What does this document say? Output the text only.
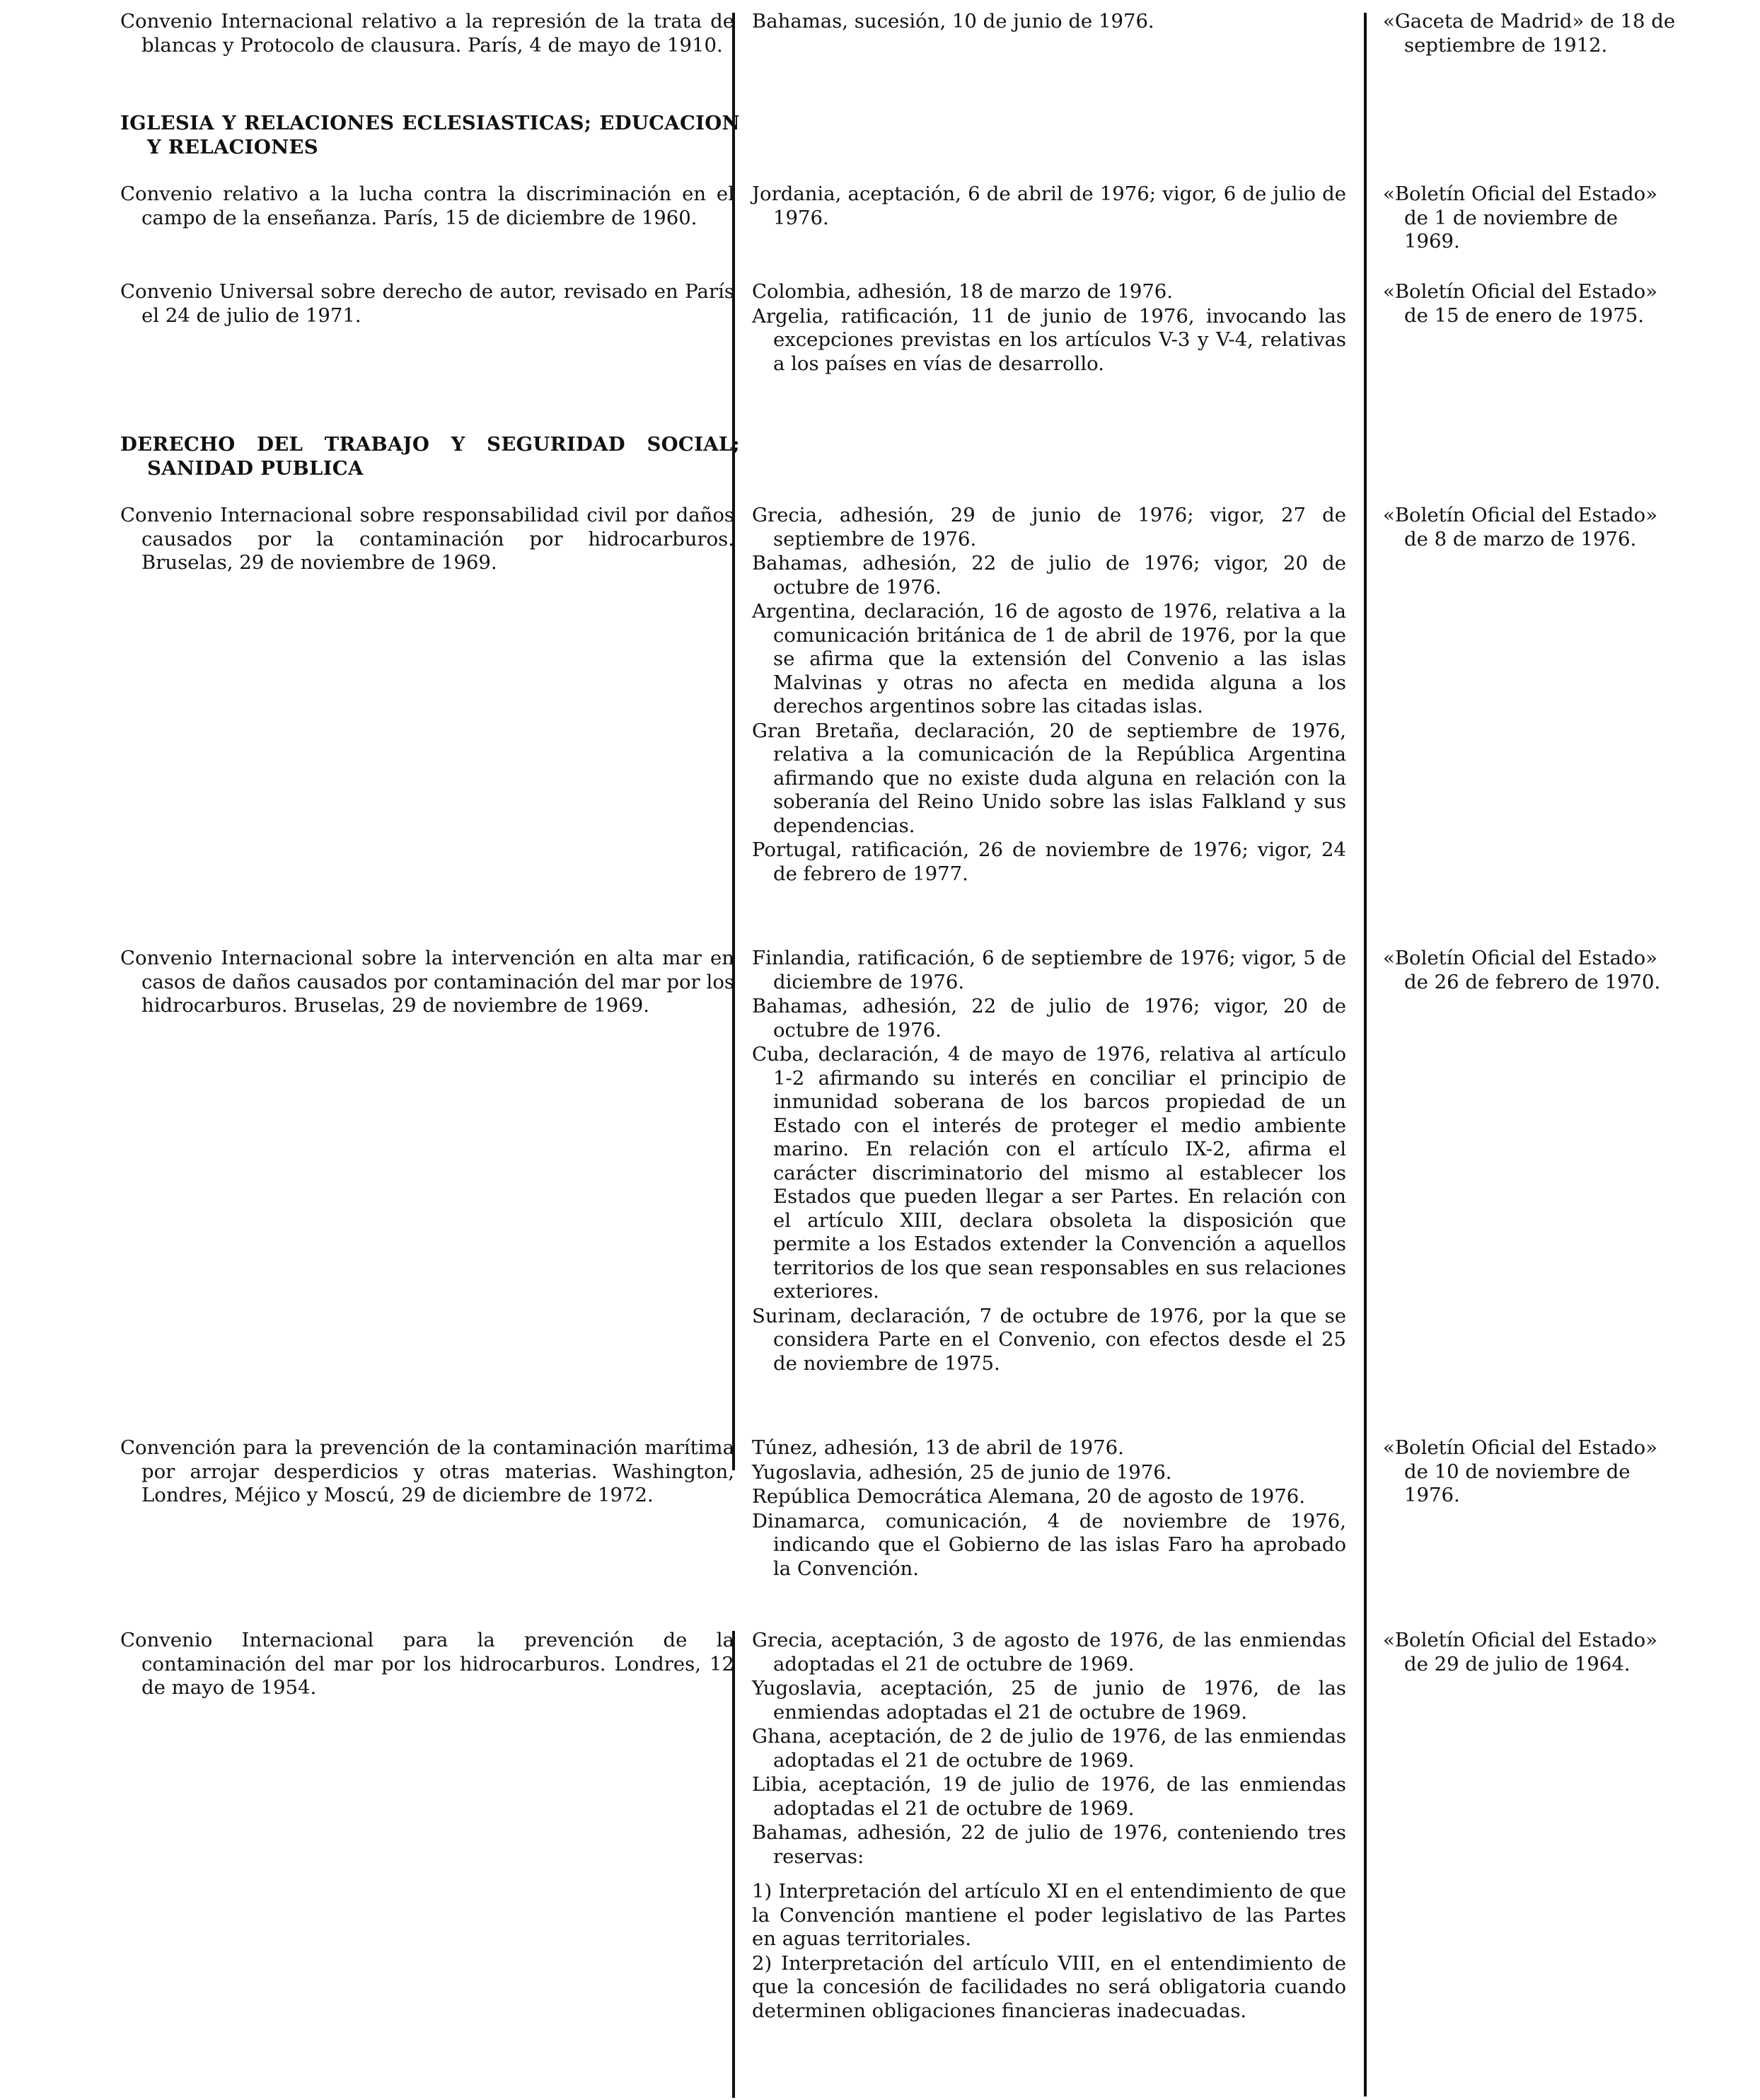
Convenio Internacional relativo a la represión de la trata de blancas y Protocolo de clausura. París, 4 de mayo de 1910.
Bahamas, sucesión, 10 de junio de 1976.	«Gaceta de Madrid» de 18 de septiembre de 1912.
IGLESIA Y RELACIONES ECLESIASTICAS; EDUCACION Y RELACIONES
Convenio relativo a la lucha contra la discriminación en el campo de la enseñanza. París, 15 de diciembre de 1960.
Jordania, aceptación, 6 de abril de 1976; vigor, 6 de julio de 1976.
«Boletín Oficial del Estado» de 1 de noviembre de 1969.
Convenio Universal sobre derecho de autor, revisado en París el 24 de julio de 1971.
Colombia, adhesión, 18 de marzo de 1976.
Argelia, ratificación, 11 de junio de 1976, invocando las excepciones previstas en los artículos V-3 y V-4, relativas a los países en vías de desarrollo.
«Boletín Oficial del Estado» de 15 de enero de 1975.
DERECHO DEL TRABAJO Y SEGURIDAD SOCIAL; SANIDAD PUBLICA
Convenio Internacional sobre responsabilidad civil por daños causados por la contaminación por hidrocarburos. Bruselas, 29 de noviembre de 1969.
Grecia, adhesión, 29 de junio de 1976; vigor, 27 de septiembre de 1976.
Bahamas, adhesión, 22 de julio de 1976; vigor, 20 de octubre de 1976.
Argentina, declaración, 16 de agosto de 1976, relativa a la comunicación británica de 1 de abril de 1976, por la que se afirma que la extensión del Convenio a las islas Malvinas y otras no afecta en medida alguna a los derechos argentinos sobre las citadas islas.
Gran Bretaña, declaración, 20 de septiembre de 1976, relativa a la comunicación de la República Argentina afirmando que no existe duda alguna en relación con la soberanía del Reino Unido sobre las islas Falkland y sus dependencias.
Portugal, ratificación, 26 de noviembre de 1976; vigor, 24 de febrero de 1977.
«Boletín Oficial del Estado» de 8 de marzo de 1976.
Convenio Internacional sobre la intervención en alta mar en casos de daños causados por contaminación del mar por los hidrocarburos. Bruselas, 29 de noviembre de 1969.
Finlandia, ratificación, 6 de septiembre de 1976; vigor, 5 de diciembre de 1976.
Bahamas, adhesión, 22 de julio de 1976; vigor, 20 de octubre de 1976.
Cuba, declaración, 4 de mayo de 1976, relativa al artículo 1-2 afirmando su interés en conciliar el principio de inmunidad soberana de los barcos propiedad de un Estado con el interés de proteger el medio ambiente marino. En relación con el artículo IX-2, afirma el carácter discriminatorio del mismo al establecer los Estados que pueden llegar a ser Partes. En relación con el artículo XIII, declara obsoleta la disposición que permite a los Estados extender la Convención a aquellos territorios de los que sean responsables en sus relaciones exteriores.
Surinam, declaración, 7 de octubre de 1976, por la que se considera Parte en el Convenio, con efectos desde el 25 de noviembre de 1975.
«Boletín Oficial del Estado» de 26 de febrero de 1970.
Convención para la prevención de la contaminación marítima por arrojar desperdicios y otras materias. Washington, Londres, Méjico y Moscú, 29 de diciembre de 1972.
Túnez, adhesión, 13 de abril de 1976.
Yugoslavia, adhesión, 25 de junio de 1976.
República Democrática Alemana, 20 de agosto de 1976.
Dinamarca, comunicación, 4 de noviembre de 1976, indicando que el Gobierno de las islas Faro ha aprobado la Convención.
«Boletín Oficial del Estado» de 10 de noviembre de 1976.
Convenio Internacional para la prevención de la contaminación del mar por los hidrocarburos. Londres, 12 de mayo de 1954.
Grecia, aceptación, 3 de agosto de 1976, de las enmiendas adoptadas el 21 de octubre de 1969.
Yugoslavia, aceptación, 25 de junio de 1976, de las enmiendas adoptadas el 21 de octubre de 1969.
Ghana, aceptación, de 2 de julio de 1976, de las enmiendas adoptadas el 21 de octubre de 1969.
Libia, aceptación, 19 de julio de 1976, de las enmiendas adoptadas el 21 de octubre de 1969.
Bahamas, adhesión, 22 de julio de 1976, conteniendo tres reservas:
1) Interpretación del artículo XI en el entendimiento de que la Convención mantiene el poder legislativo de las Partes en aguas territoriales.
2) Interpretación del artículo VIII, en el entendimiento de que la concesión de facilidades no será obligatoria cuando determinen obligaciones financieras inadecuadas.
«Boletín Oficial del Estado» de 29 de julio de 1964.
